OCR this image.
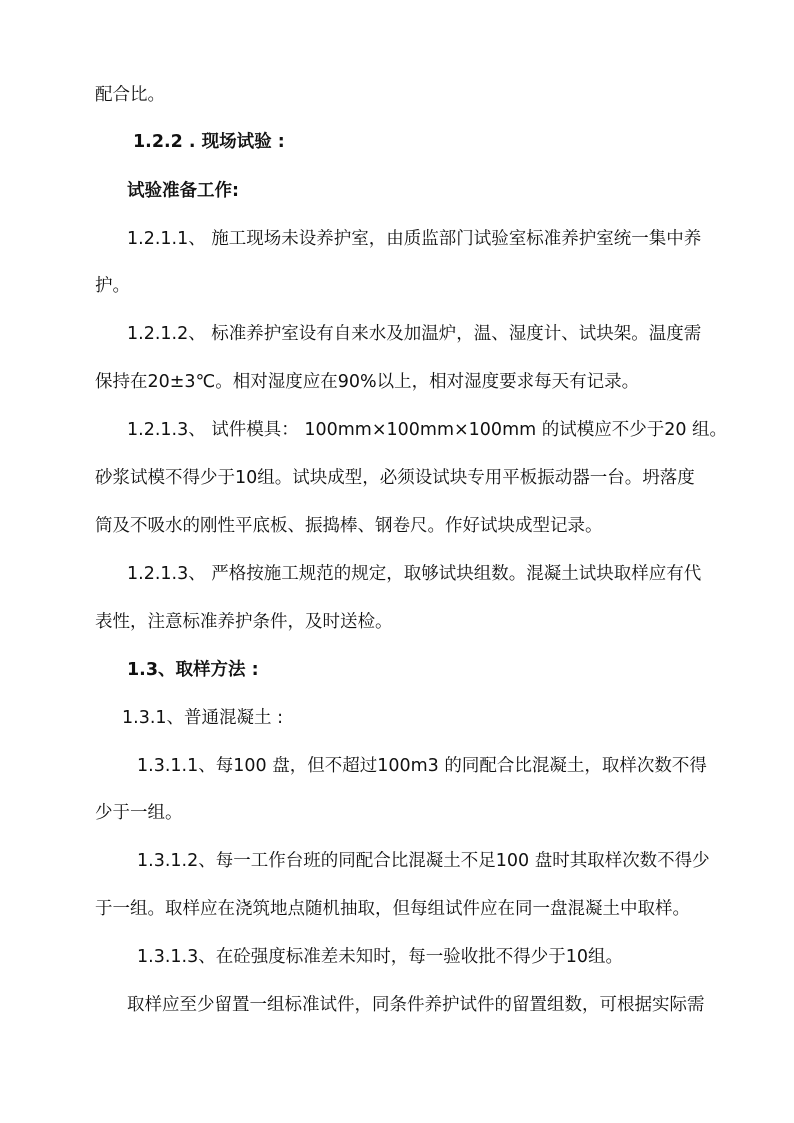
配合比。
1.2.2 . 现场试验 :
试验准备工作:
1.2.1.1、 施工现场未设养护室，由质监部门试验室标准养护室统一集中养
护。
1.2.1.2、 标准养护室设有自来水及加温炉，温、湿度计、试块架。温度需
保持在20±3℃。相对湿度应在90%以上，相对湿度要求每天有记录。
1.2.1.3、 试件模具： 100mm×100mm×100mm 的试模应不少于20 组。
砂浆试模不得少于10组。试块成型，必须设试块专用平板振动器一台。坍落度
筒及不吸水的刚性平底板、振捣棒、钢卷尺。作好试块成型记录。
1.2.1.3、 严格按施工规范的规定，取够试块组数。混凝土试块取样应有代
表性，注意标准养护条件，及时送检。
1.3、取样方法 :
1.3.1、普通混凝土 :
1.3.1.1、每100 盘，但不超过100m3 的同配合比混凝土，取样次数不得
少于一组。
1.3.1.2、每一工作台班的同配合比混凝土不足100 盘时其取样次数不得少
于一组。取样应在浇筑地点随机抽取，但每组试件应在同一盘混凝土中取样。
1.3.1.3、在砼强度标准差未知时，每一验收批不得少于10组。
取样应至少留置一组标准试件，同条件养护试件的留置组数，可根据实际需
